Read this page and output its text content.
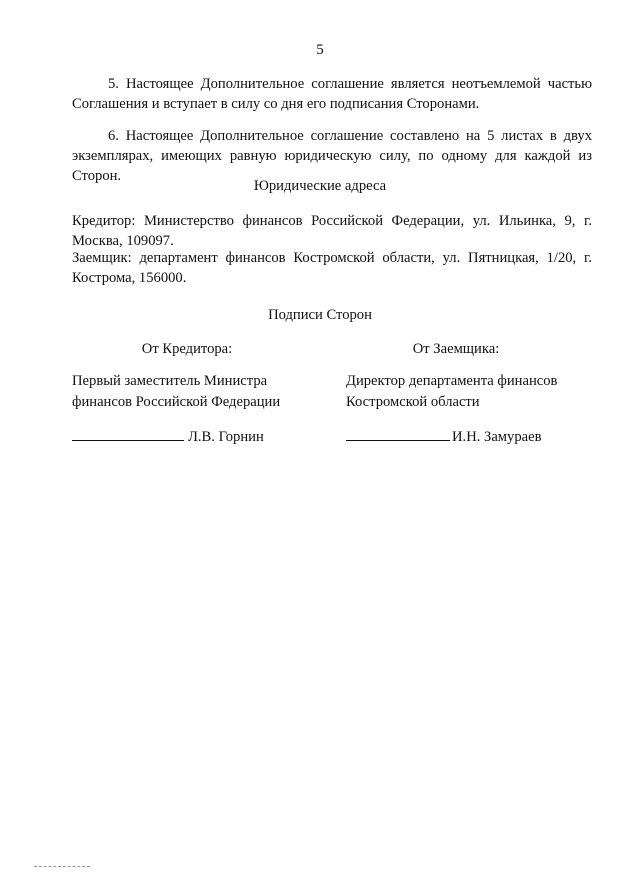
5

5. Настоящее Дополнительное соглашение является неотъемлемой частью Соглашения и вступает в силу со дня его подписания Сторонами.

6. Настоящее Дополнительное соглашение составлено на 5 листах в двух экземплярах, имеющих равную юридическую силу, по одному для каждой из Сторон.

Юридические адреса

Кредитор: Министерство финансов Российской Федерации, ул. Ильинка, 9, г. Москва, 109097.

Заемщик: департамент финансов Костромской области, ул. Пятницкая, 1/20, г. Кострома, 156000.

Подписи Сторон

От Кредитора:
Первый заместитель Министра
финансов Российской Федерации
Л.В. Горнин
От Заемщика:
Директор департамента финансов
Костромской области
И.Н. Замураев
